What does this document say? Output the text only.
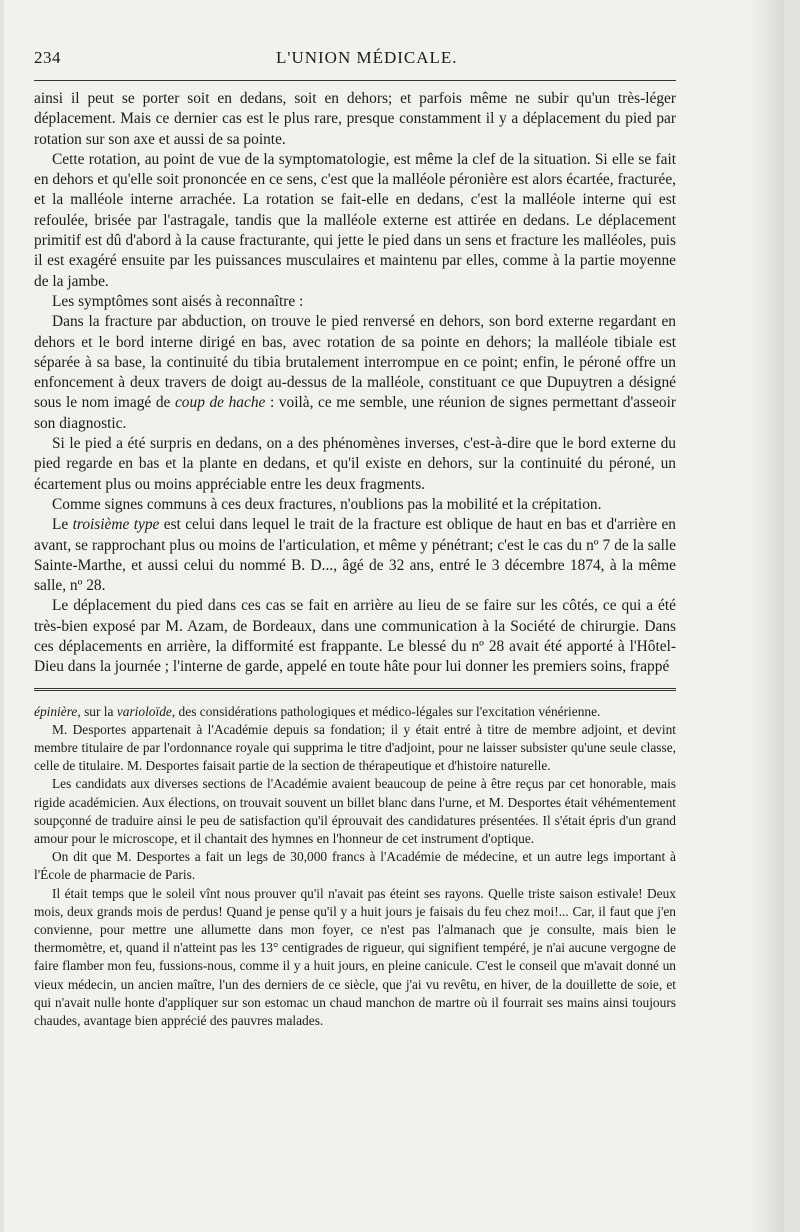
234	L'UNION MÉDICALE.

ainsi il peut se porter soit en dedans, soit en dehors; et parfois même ne subir qu'un très-léger déplacement. Mais ce dernier cas est le plus rare, presque constamment il y a déplacement du pied par rotation sur son axe et aussi de sa pointe.

Cette rotation, au point de vue de la symptomatologie, est même la clef de la situation. Si elle se fait en dehors et qu'elle soit prononcée en ce sens, c'est que la malléole péronière est alors écartée, fracturée, et la malléole interne arrachée. La rotation se fait-elle en dedans, c'est la malléole interne qui est refoulée, brisée par l'astragale, tandis que la malléole externe est attirée en dedans. Le déplacement primitif est dû d'abord à la cause fracturante, qui jette le pied dans un sens et fracture les malléoles, puis il est exagéré ensuite par les puissances musculaires et maintenu par elles, comme à la partie moyenne de la jambe.

Les symptômes sont aisés à reconnaître :

Dans la fracture par abduction, on trouve le pied renversé en dehors, son bord externe regardant en dehors et le bord interne dirigé en bas, avec rotation de sa pointe en dehors; la malléole tibiale est séparée à sa base, la continuité du tibia brutalement interrompue en ce point; enfin, le péroné offre un enfoncement à deux travers de doigt au-dessus de la malléole, constituant ce que Dupuytren a désigné sous le nom imagé de coup de hache : voilà, ce me semble, une réunion de signes permettant d'asseoir son diagnostic.

Si le pied a été surpris en dedans, on a des phénomènes inverses, c'est-à-dire que le bord externe du pied regarde en bas et la plante en dedans, et qu'il existe en dehors, sur la continuité du péroné, un écartement plus ou moins appréciable entre les deux fragments.

Comme signes communs à ces deux fractures, n'oublions pas la mobilité et la crépitation.

Le troisième type est celui dans lequel le trait de la fracture est oblique de haut en bas et d'arrière en avant, se rapprochant plus ou moins de l'articulation, et même y pénétrant; c'est le cas du nº 7 de la salle Sainte-Marthe, et aussi celui du nommé B. D..., âgé de 32 ans, entré le 3 décembre 1874, à la même salle, nº 28.

Le déplacement du pied dans ces cas se fait en arrière au lieu de se faire sur les côtés, ce qui a été très-bien exposé par M. Azam, de Bordeaux, dans une communication à la Société de chirurgie. Dans ces déplacements en arrière, la difformité est frappante. Le blessé du nº 28 avait été apporté à l'Hôtel-Dieu dans la journée ; l'interne de garde, appelé en toute hâte pour lui donner les premiers soins, frappé

épinière, sur la varioloïde, des considérations pathologiques et médico-légales sur l'excitation vénérienne.

M. Desportes appartenait à l'Académie depuis sa fondation; il y était entré à titre de membre adjoint, et devint membre titulaire de par l'ordonnance royale qui supprima le titre d'adjoint, pour ne laisser subsister qu'une seule classe, celle de titulaire. M. Desportes faisait partie de la section de thérapeutique et d'histoire naturelle.

Les candidats aux diverses sections de l'Académie avaient beaucoup de peine à être reçus par cet honorable, mais rigide académicien. Aux élections, on trouvait souvent un billet blanc dans l'urne, et M. Desportes était véhémentement soupçonné de traduire ainsi le peu de satisfaction qu'il éprouvait des candidatures présentées. Il s'était épris d'un grand amour pour le microscope, et il chantait des hymnes en l'honneur de cet instrument d'optique.

On dit que M. Desportes a fait un legs de 30,000 francs à l'Académie de médecine, et un autre legs important à l'École de pharmacie de Paris.

Il était temps que le soleil vînt nous prouver qu'il n'avait pas éteint ses rayons. Quelle triste saison estivale! Deux mois, deux grands mois de perdus! Quand je pense qu'il y a huit jours je faisais du feu chez moi!... Car, il faut que j'en convienne, pour mettre une allumette dans mon foyer, ce n'est pas l'almanach que je consulte, mais bien le thermomètre, et, quand il n'atteint pas les 13° centigrades de rigueur, qui signifient tempéré, je n'ai aucune vergogne de faire flamber mon feu, fussions-nous, comme il y a huit jours, en pleine canicule. C'est le conseil que m'avait donné un vieux médecin, un ancien maître, l'un des derniers de ce siècle, que j'ai vu revêtu, en hiver, de la douillette de soie, et qui n'avait nulle honte d'appliquer sur son estomac un chaud manchon de martre où il fourrait ses mains ainsi toujours chaudes, avantage bien apprécié des pauvres malades.
